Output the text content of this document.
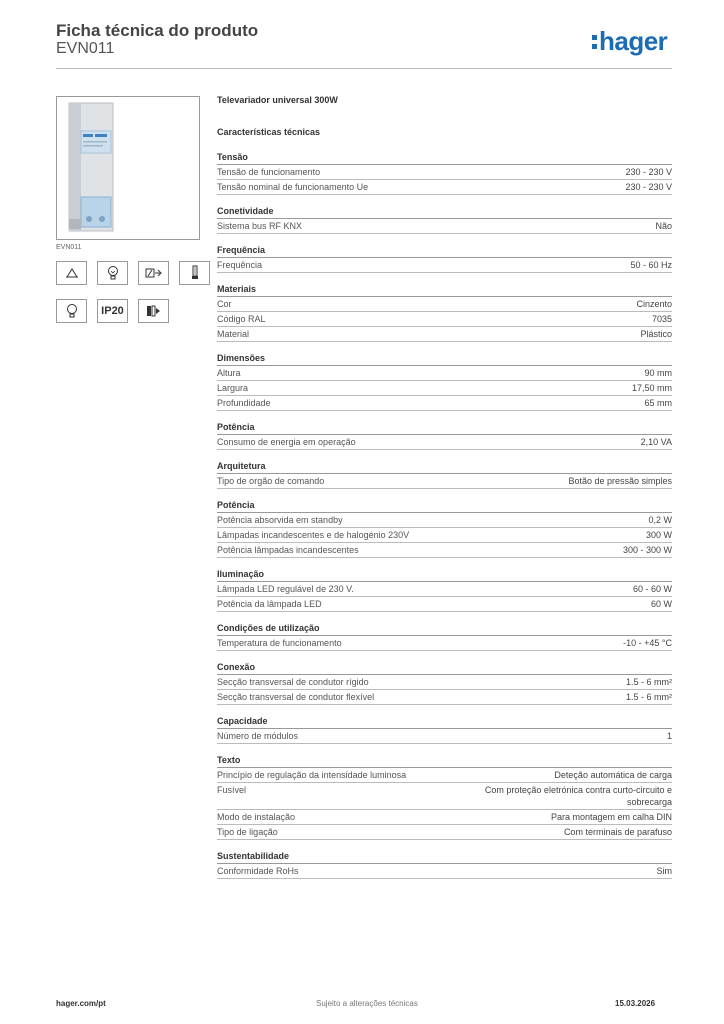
Ficha técnica do produto
EVN011	hager
EVN011
IP20
Televariador universal 300W
Características técnicas
Tensão
Tensão de funcionamento	230 - 230 V
Tensão nominal de funcionamento Ue	230 - 230 V
Conetividade
Sistema bus RF KNX	Não
Frequência
Frequência	50 - 60 Hz
Materiais
Cor	Cinzento
Código RAL	7035
Material	Plástico
Dimensões
Altura	90 mm
Largura	17,50 mm
Profundidade	65 mm
Potência
Consumo de energia em operação	2,10 VA
Arquitetura
Tipo de orgão de comando	Botão de pressão simples
Potência
Potência absorvida em standby	0,2 W
Lâmpadas incandescentes e de halogénio 230V	300 W
Potência lâmpadas incandescentes	300 - 300 W
Iluminação
Lâmpada LED regulável de 230 V.	60 - 60 W
Potência da lâmpada LED	60 W
Condições de utilização
Temperatura de funcionamento	-10 - +45 °C
Conexão
Secção transversal de condutor rígido	1.5 - 6 mm²
Secção transversal de condutor flexível	1.5 - 6 mm²
Capacidade
Número de módulos	1
Texto
Princípio de regulação da intensidade luminosa	Deteção automática de carga
Fusível	Com proteção eletrónica contra curto-circuito e sobrecarga
Modo de instalação	Para montagem em calha DIN
Tipo de ligação	Com terminais de parafuso
Sustentabilidade
Conformidade RoHs	Sim
hager.com/pt	Sujeito a alterações técnicas	15.03.2026
